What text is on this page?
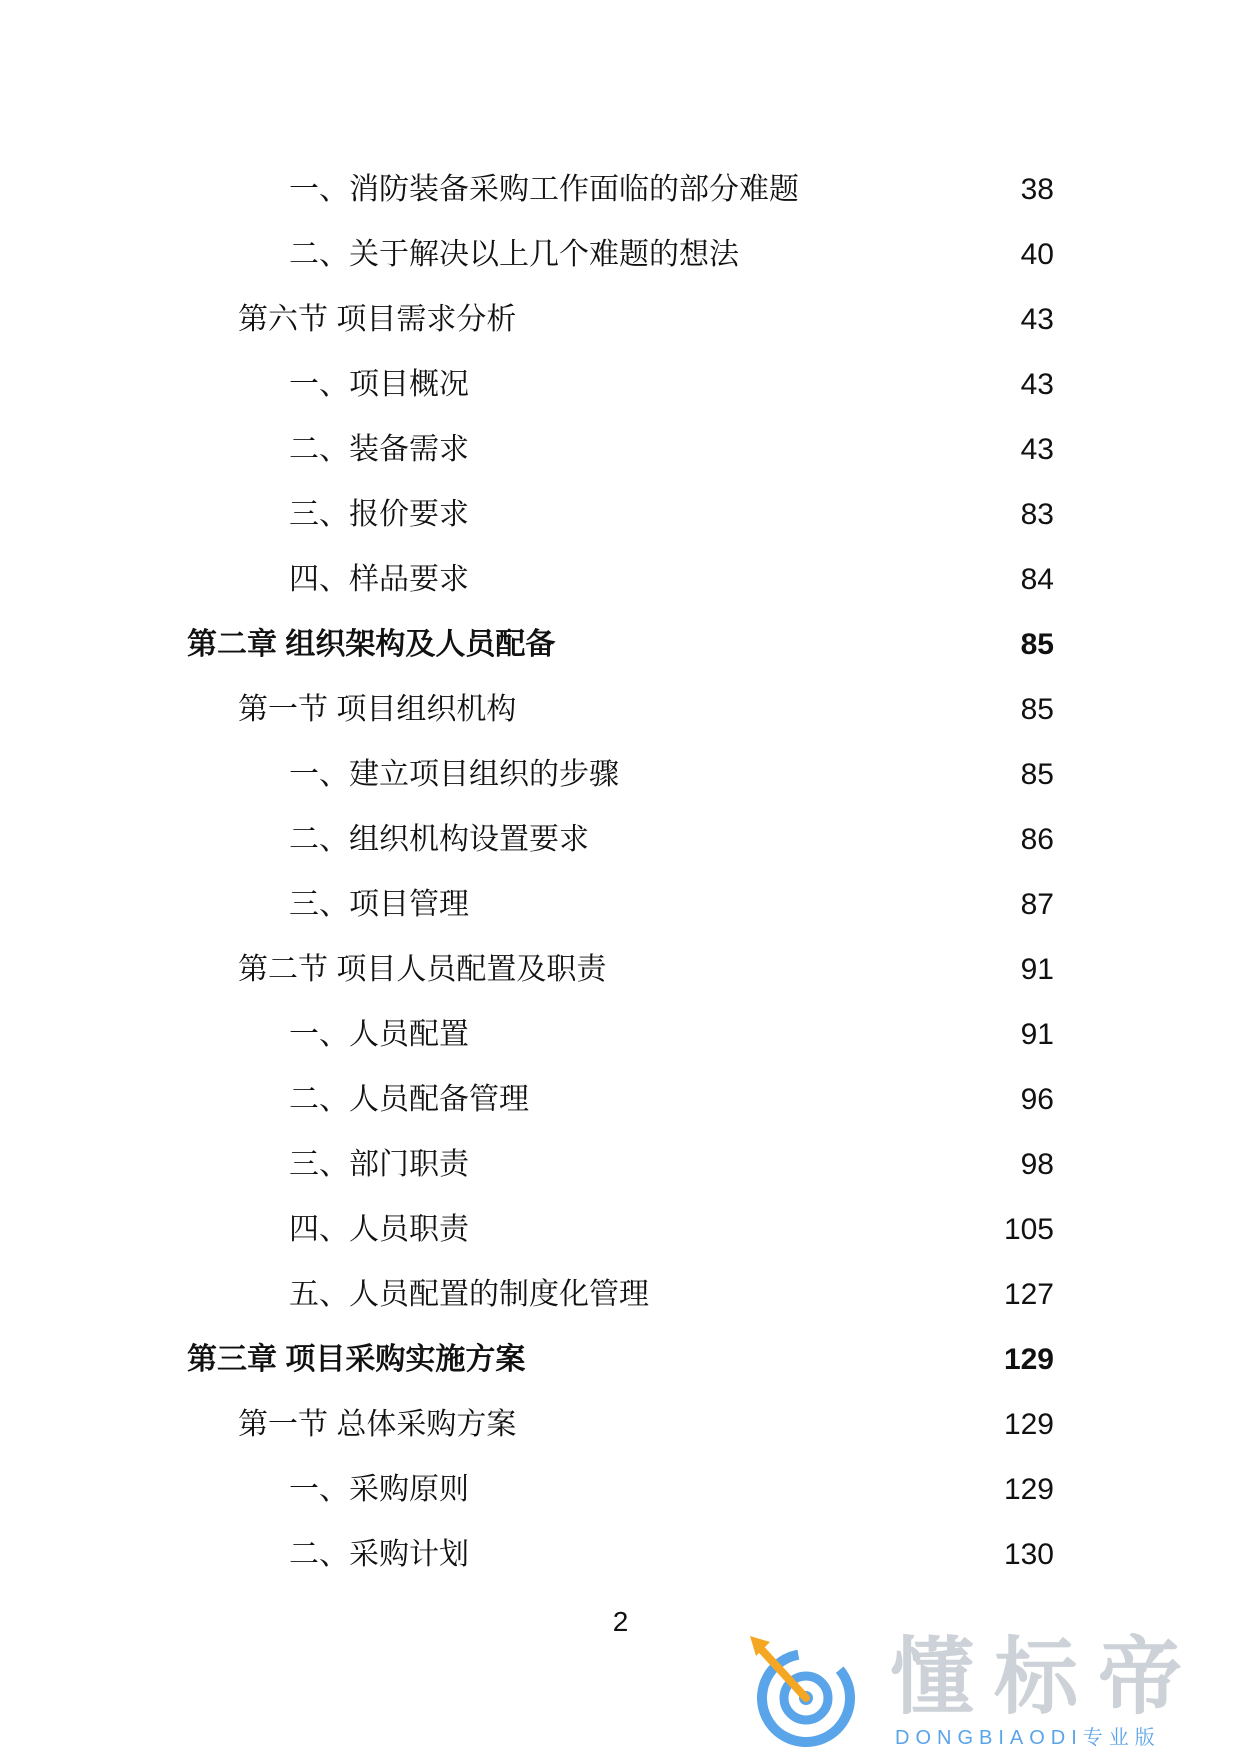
一、消防装备采购工作面临的部分难题	38
二、关于解决以上几个难题的想法	40
第六节 项目需求分析	43
一、项目概况	43
二、装备需求	43
三、报价要求	83
四、样品要求	84
第二章 组织架构及人员配备	85
第一节 项目组织机构	85
一、建立项目组织的步骤	85
二、组织机构设置要求	86
三、项目管理	87
第二节 项目人员配置及职责	91
一、人员配置	91
二、人员配备管理	96
三、部门职责	98
四、人员职责	105
五、人员配置的制度化管理	127
第三章 项目采购实施方案	129
第一节 总体采购方案	129
一、采购原则	129
二、采购计划	130
2
懂标帝
DONGBIAODI专业版
